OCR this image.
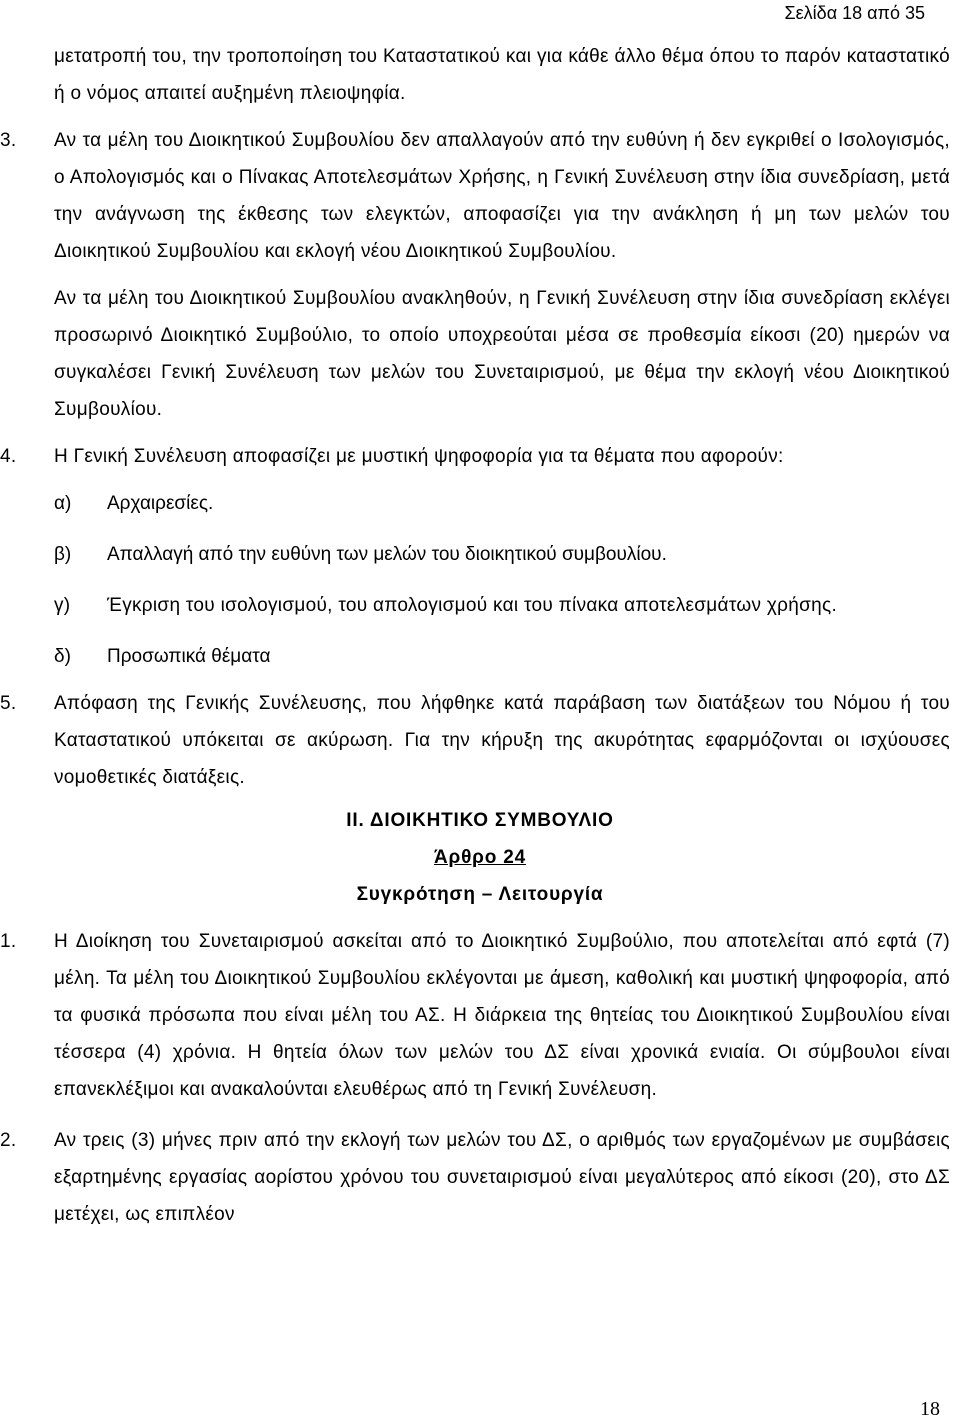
Σελίδα 18 από 35
μετατροπή του, την τροποποίηση του Καταστατικού και για κάθε άλλο θέμα όπου το παρόν καταστατικό ή ο νόμος απαιτεί αυξημένη πλειοψηφία.
3. Αν τα μέλη του Διοικητικού Συμβουλίου δεν απαλλαγούν από την ευθύνη ή δεν εγκριθεί ο Ισολογισμός, ο Απολογισμός και ο Πίνακας Αποτελεσμάτων Χρήσης, η Γενική Συνέλευση στην ίδια συνεδρίαση, μετά την ανάγνωση της έκθεσης των ελεγκτών, αποφασίζει για την ανάκληση ή μη των μελών του Διοικητικού Συμβουλίου και εκλογή νέου Διοικητικού Συμβουλίου.
Αν τα μέλη του Διοικητικού Συμβουλίου ανακληθούν, η Γενική Συνέλευση στην ίδια συνεδρίαση εκλέγει προσωρινό Διοικητικό Συμβούλιο, το οποίο υποχρεούται μέσα σε προθεσμία είκοσι (20) ημερών να συγκαλέσει Γενική Συνέλευση των μελών του Συνεταιρισμού, με θέμα την εκλογή νέου Διοικητικού Συμβουλίου.
4. Η Γενική Συνέλευση αποφασίζει με μυστική ψηφοφορία για τα θέματα που αφορούν:
α) Αρχαιρεσίες.
β) Απαλλαγή από την ευθύνη των μελών του διοικητικού συμβουλίου.
γ) Έγκριση του ισολογισμού, του απολογισμού και του πίνακα αποτελεσμάτων χρήσης.
δ) Προσωπικά θέματα
5. Απόφαση της Γενικής Συνέλευσης, που λήφθηκε κατά παράβαση των διατάξεων του Νόμου ή του Καταστατικού υπόκειται σε ακύρωση. Για την κήρυξη της ακυρότητας εφαρμόζονται οι ισχύουσες νομοθετικές διατάξεις.
ΙΙ. ΔΙΟΙΚΗΤΙΚΟ ΣΥΜΒΟΥΛΙΟ
Άρθρο 24
Συγκρότηση – Λειτουργία
1. Η Διοίκηση του Συνεταιρισμού ασκείται από το Διοικητικό Συμβούλιο, που αποτελείται από εφτά (7) μέλη. Τα μέλη του Διοικητικού Συμβουλίου εκλέγονται με άμεση, καθολική και μυστική ψηφοφορία, από τα φυσικά πρόσωπα που είναι μέλη του ΑΣ. Η διάρκεια της θητείας του Διοικητικού Συμβουλίου είναι τέσσερα (4) χρόνια. Η θητεία όλων των μελών του ΔΣ είναι χρονικά ενιαία. Οι σύμβουλοι είναι επανεκλέξιμοι και ανακαλούνται ελευθέρως από τη Γενική Συνέλευση.
2. Αν τρεις (3) μήνες πριν από την εκλογή των μελών του ΔΣ, ο αριθμός των εργαζομένων με συμβάσεις εξαρτημένης εργασίας αορίστου χρόνου του συνεταιρισμού είναι μεγαλύτερος από είκοσι (20), στο ΔΣ μετέχει, ως επιπλέον
18
